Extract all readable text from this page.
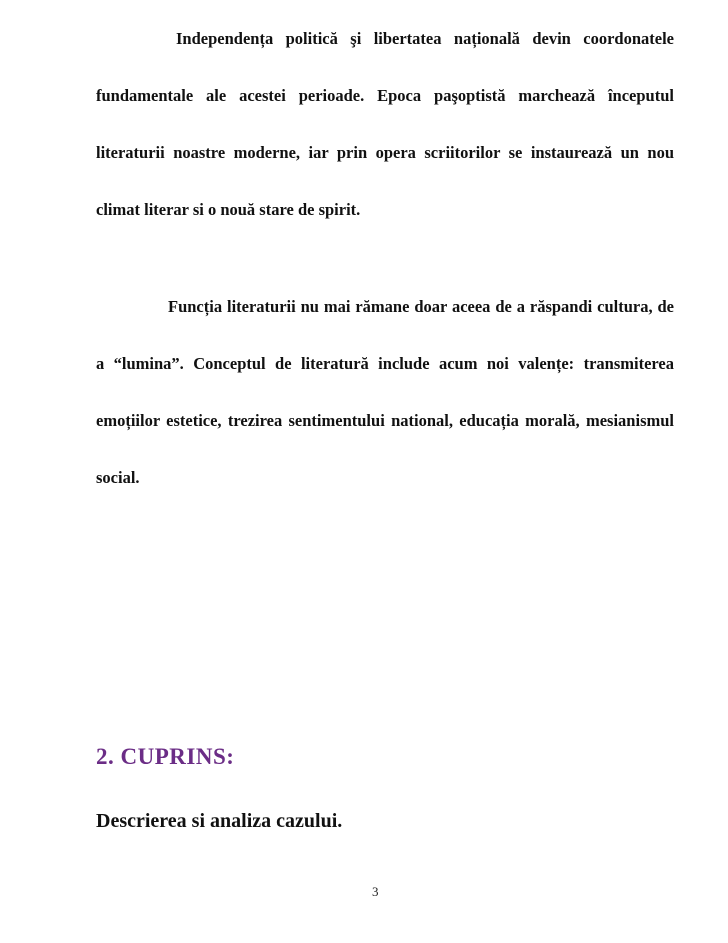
Independența politică şi libertatea națională devin coordonatele fundamentale ale acestei perioade. Epoca paşoptistă marchează începutul literaturii noastre moderne, iar prin opera scriitorilor se instaurează un nou climat literar si o nouă stare de spirit.

Funcția literaturii nu mai rămane doar aceea de a răspandi cultura, de a “lumina”. Conceptul de literatură include acum noi valențe: transmiterea emoțiilor estetice, trezirea sentimentului national, educația morală, mesianismul social.

2. CUPRINS:
Descrierea si analiza cazului.
3
